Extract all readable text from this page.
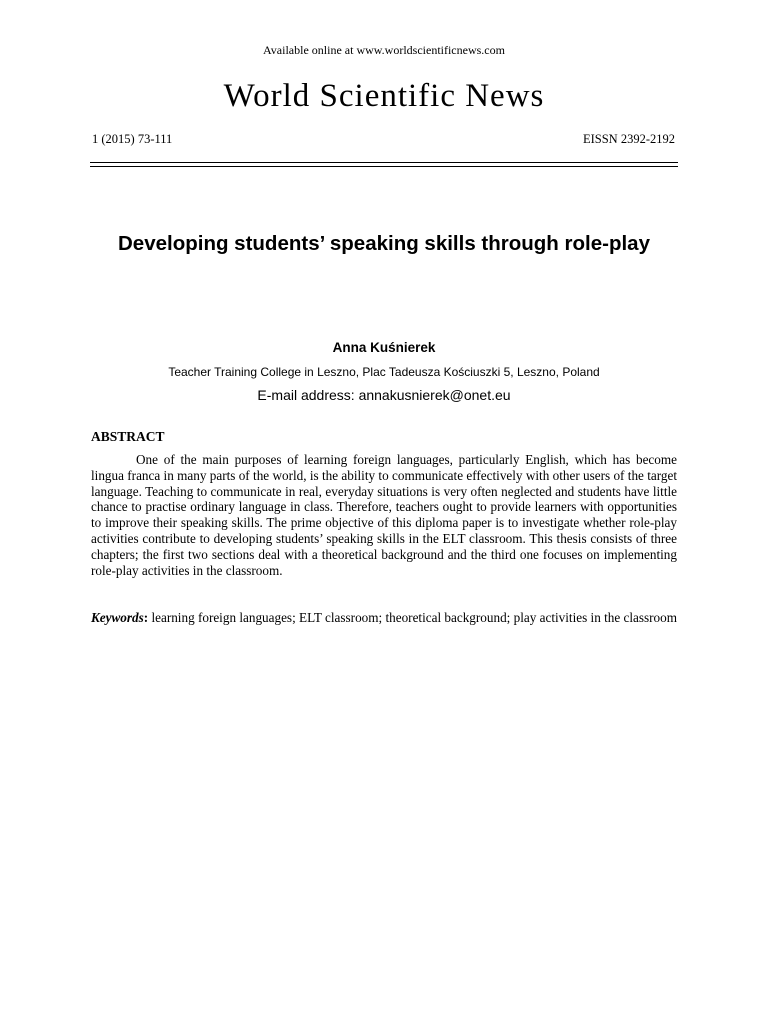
Available online at www.worldscientificnews.com
World Scientific News
1 (2015) 73-111	EISSN 2392-2192
Developing students’ speaking skills through role-play
Anna Kuśnierek
Teacher Training College in Leszno, Plac Tadeusza Kościuszki 5, Leszno, Poland
E-mail address: annakusnierek@onet.eu
ABSTRACT

One of the main purposes of learning foreign languages, particularly English, which has become lingua franca in many parts of the world, is the ability to communicate effectively with other users of the target language. Teaching to communicate in real, everyday situations is very often neglected and students have little chance to practise ordinary language in class. Therefore, teachers ought to provide learners with opportunities to improve their speaking skills. The prime objective of this diploma paper is to investigate whether role-play activities contribute to developing students’ speaking skills in the ELT classroom. This thesis consists of three chapters; the first two sections deal with a theoretical background and the third one focuses on implementing role-play activities in the classroom.

Keywords: learning foreign languages; ELT classroom; theoretical background; play activities in the classroom
